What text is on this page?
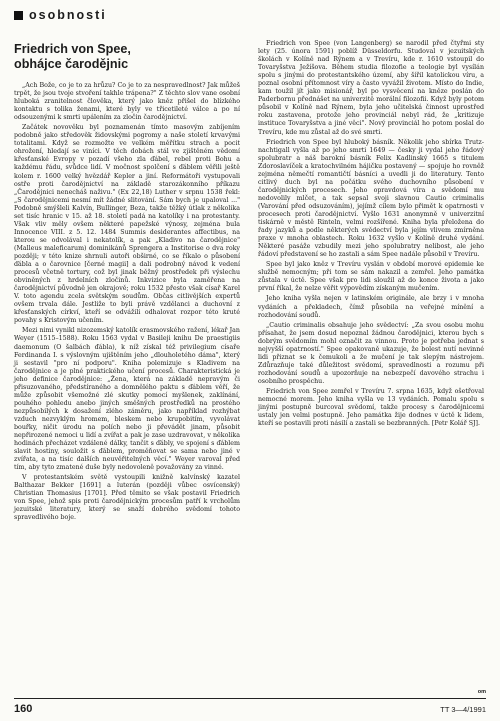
osobnosti
Friedrich von Spee,
obhájce čarodějnic

„Ach Bože, co je to za hrůzu? Co je to za nespravedlnost? Jak můžeš trpět, že jsou tvoje stvoření takhle trápena?" Z těchto slov vane osobní hluboká zranitelnost člověka, který jako kněz přišel do blízkého kontaktu s tolika ženami, které byly ve třicetileté válce a po ní odsouzenými k smrti upálením za zločin čarodějnictví.

Začátek novověku byl poznamenán tímto masovým zabíjením podobně jako středověk židovskými pogromy a naše století krvavými totalitami. Když se rozmožte ve velkém měřítku strach a pocit ohrožení, hledají se viníci. V těch dobách stál ve zjištěném vědomí křesťanské Evropy v pozadí všeho zla ďábel, rebel proti Bohu a každému řádu, svůdce lidí. V močnost spolčení s ďáblem věřili ještě kolem r. 1600 velký hvězdář Kepler a jiní. Reformátoři vystupovali ostře proti čarodějnictví na základě starozákonního příkazu „Čarodějnici nenecháš naživu." (Ex 22,18) Luther v srpnu 1538 řekl: „S čarodějnicemi nesmí mít žádné slitování. Sám bych je upaloval ..." Podobně smýšleli Kalvín, Bullinger, Beza, takže těžký útlak z několika set tisíc hranic v 15. až 18. století padá na katolíky i na protestanty. Však vliv měly ovšem některé papežské výnosy, zejména bula Innocence VIII. z 5. 12. 1484 Summis desiderantes affectibus, na kterou se odvolával i nekatolík, a pak „Kladivo na čarodějnice" (Malleus maleficarum) dominikánů Sprengera a Institorise o dva roky později; v této knize shrnuli autoři obširné, co se říkalo o působení ďábla a o čarovnice [černé magii] a dali podrobný návod k vedení procesů včetně tortury, což byl jinak běžný prostředek při výslechu obviněných z hrdelních zločinů. Inkvizice byla zaměřena na čarodějnictví původně jen okrajově; roku 1532 přesto však císař Karel V. toto agendu zcela světským soudům. Občas citlivějších expertů ovšem trvala dále. Jestliže to byli právě vzdělanci a duchovní z křesťanských církví, kteří se odvážili odhalovat rozpor této kruté povahy s Kristovým učením.

Mezi nimi vynikl nizozemský katolík erasmovského ražení, lékař Jan Weyer (1515–1588). Roku 1563 vydal v Basileji knihu De praestigiis daemonum (O šalbách ďábla), k níž získal též privilegium císaře Ferdinanda I. s výslovným ujištěním jeho „dlouholetého dáma", který ji sestavil "pro ní podporu". Kniha polemizuje s Kladivem na čarodějnice a je plné praktického učení procesů. Charakteristická je jeho definice čarodějnice: „Žena, která na základě nepravým či přisuzovaného, předstíraného a domnělého paktu s ďáblem věří, že může způsobit všemožné zlé skutky pomocí myšlenek, zaklínání, pouhého pohledu anebo jiných směšných prostředků na prostého nezpůsobilých k dosažení zlého záměru, jako například rozhýbat vzduch nezvyklým hromem, bleskem nebo krupobitím, vyvolávat bouřky, ničit úrodu na polích nebo ji převádět jinam, působit nepřirozené nemoci u lidí a zvířat a pak je zase uzdravovat, v několika hodinách přecházet vzdálené dálky, tančit s ďábly, ve spojení s ďáblem slavit hostiny, souložit s ďáblem, proměňovat se sama nebo jiné v zvířata, a na tisíc dalších neuvěřitelných věcí." Weyer varoval před tím, aby tyto zmatené duše byly nedovoleně považovány za vinné.

V protestantském světě vystoupili knižně kalvínský kazatel Balthazar Bekker [1691] a luterán (později vůbec osvícenský) Christian Thomasius [1701]. Před těmito se však postavil Friedrich von Spee, jehož spis proti čarodějnickým procesům patří k vrcholům jezuitské literatury, který se snaží dobrého svědomí tohoto spravedlivého boje.

Friedrich von Spee (von Langenberg) se narodil před čtyřmi sty lety (25. února 1591) poblíž Düsseldorfu. Studoval v jezuitských školách v Kolíně nad Rýnem a v Trevíru, kde r. 1610 vstoupil do Tovaryšstva Ježíšova. Během studia filozofie a teologie byl vysílán spolu s jinými do protestantského území, aby šířil katolickou víru, a poznal osobní přítomnost víry a často vyvážil životem. Místo do Indie, kam toužil jít jako misionář, byl po vysvěcení na kněze poslán do Paderbornu přednášet na univerzitě morální filozofii. Když byly potom působil v Kolíně nad Rýnem, byla jeho učitelská činnost uprostřed roku zastavena, protože jeho provinciál nebyl rád, že „kritizuje instituce Tovaryšstva a jiné věci". Nový provinciál ho potom poslal do Trevíru, kde mu zůstal až do své smrti.

Friedrich von Spee byl hluboký básník. Několik jeho sbírka Trutz-nachtigall vyšla až po jeho smrti 1649 — česky ji vydal jeho řádový spolubratr a náš barokní básník Felix Kadlinský 1665 s titulem Zdoroslavíček a kratochvilném hájičku postavený — spojuje ho rovněž zejména němečtí romantičtí básníci a uvedli ji do literatury. Tento citlivý duch byl na počátku svého duchovního působení v čarodějnických procesech. Jeho opravdová víra a svědomí mu nedovolily mlčet, a tak sepsal svoji slavnou Cautio criminalis (Varování před odsuzováním), jejímž cílem bylo přimět k opatrnosti v procesech proti čarodějnictví. Vyšlo 1631 anonymně v univerzitní tiskárně v městě Rinteln, velmi rozšířené. Kniha byla přeložena do řady jazyků a podle některých svědectví byla jejím vlivem zmírněna praxe v mnoha oblastech. Roku 1632 vyšlo v Kolíně druhé vydání. Některé pasáže vzbudily mezi jeho spolubratry nelibost, ale jeho řádoví představení se ho zastali a sám Spee nadále působil v Trevíru.

Spee byl jako kněz v Trevíru vyslán v období morové epidemie ke službě nemocným; při tom se sám nakazil a zemřel. Jeho památka zůstala v úctě. Spee však pro lidi sloužil až do konce života a jako první říkal, že nelze věřit výpovědím získaným mučením.

Jeho kniha vyšla nejen v latinském originále, ale brzy i v mnoha vydáních a překladech, čímž působila na veřejné mínění a rozhodování soudů.

„Cautio criminalis obsahuje jeho svědectví: „Za svou osobu mohu přísahat, že jsem dosud nepoznal žádnou čarodějnici, kterou bych s dobrým svědomím mohl označit za vinnou. Proto je potřeba jednat s nejvyšší opatrností." Spee opakovaně ukazuje, že bolest nutí nevinné lidi přiznat se k čemukoli a že mučení je tak slepým nástrojem. Zdůrazňuje také důležitost svědomí, spravedlnosti a rozumu při rozhodování soudů a upozorňuje na nebezpečí davového strachu i osobního prospěchu.

Friedrich von Spee zemřel v Trevíru 7. srpna 1635, když ošetřoval nemocné morem. Jeho kniha vyšla ve 13 vydáních. Pomalu spolu s jinými postupně burcoval svědomí, takže procesy s čarodějnicemi ustaly jen velmi postupně. Jeho památka žije dodnes v úctě k lidem, kteří se postavili proti násilí a zastali se bezbranných. [Petr Kolář SJ].

om
160	TT 3—4/1991
